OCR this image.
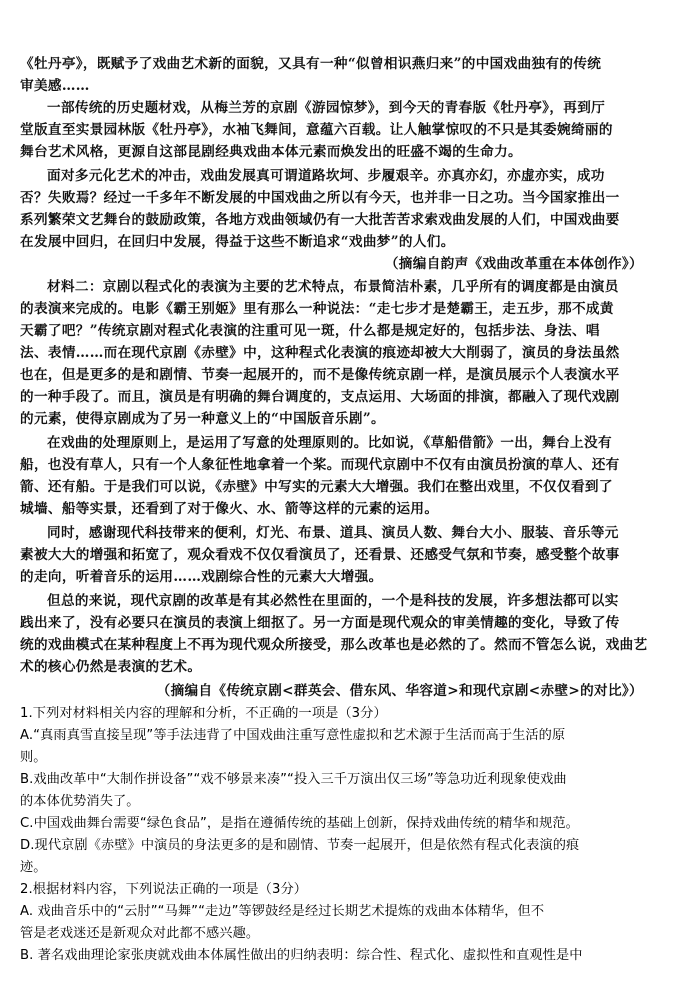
《牡丹亭》，既赋予了戏曲艺术新的面貌，又具有一种“似曾相识燕归来”的中国戏曲独有的传统
审美感……
一部传统的历史题材戏，从梅兰芳的京剧《游园惊梦》，到今天的青春版《牡丹亭》，再到厅
堂版直至实景园林版《牡丹亭》，水袖飞舞间，意蕴六百载。让人触掌惊叹的不只是其委婉绮丽的
舞台艺术风格，更源自这部昆剧经典戏曲本体元素而焕发出的旺盛不竭的生命力。
面对多元化艺术的冲击，戏曲发展真可谓道路坎坷、步履艰辛。亦真亦幻，亦虚亦实，成功
否？失败焉？经过一千多年不断发展的中国戏曲之所以有今天，也并非一日之功。当今国家推出一
系列繁荣文艺舞台的鼓励政策，各地方戏曲领域仍有一大批苦苦求索戏曲发展的人们，中国戏曲要
在发展中回归，在回归中发展，得益于这些不断追求“戏曲梦”的人们。
（摘编自韵声《戏曲改革重在本体创作》）
材料二：京剧以程式化的表演为主要的艺术特点，布景简洁朴素，几乎所有的调度都是由演员
的表演来完成的。电影《霸王别姬》里有那么一种说法：“走七步才是楚霸王，走五步，那不成黄
天霸了吧？”传统京剧对程式化表演的注重可见一斑，什么都是规定好的，包括步法、身法、唱
法、表情……而在现代京剧《赤壁》中，这种程式化表演的痕迹却被大大削弱了，演员的身法虽然
也在，但是更多的是和剧情、节奏一起展开的，而不是像传统京剧一样，是演员展示个人表演水平
的一种手段了。而且，演员是有明确的舞台调度的，支点运用、大场面的排演，都融入了现代戏剧
的元素，使得京剧成为了另一种意义上的“中国版音乐剧”。
在戏曲的处理原则上，是运用了写意的处理原则的。比如说，《草船借箭》一出，舞台上没有
船，也没有草人，只有一个人象征性地拿着一个桨。而现代京剧中不仅有由演员扮演的草人、还有
箭、还有船。于是我们可以说，《赤壁》中写实的元素大大增强。我们在整出戏里，不仅仅看到了
城墙、船等实景，还看到了对于像火、水、箭等这样的元素的运用。
同时，感谢现代科技带来的便利，灯光、布景、道具、演员人数、舞台大小、服装、音乐等元
素被大大的增强和拓宽了，观众看戏不仅仅看演员了，还看景、还感受气氛和节奏，感受整个故事
的走向，听着音乐的运用……戏剧综合性的元素大大增强。
但总的来说，现代京剧的改革是有其必然性在里面的，一个是科技的发展，许多想法都可以实
践出来了，没有必要只在演员的表演上细抠了。另一方面是现代观众的审美情趣的变化，导致了传
统的戏曲模式在某种程度上不再为现代观众所接受，那么改革也是必然的了。然而不管怎么说，戏曲艺
术的核心仍然是表演的艺术。
（摘编自《传统京剧<群英会、借东风、华容道>和现代京剧<赤壁>的对比》）
1.下列对材料相关内容的理解和分析，不正确的一项是（3分）
A.“真雨真雪直接呈现”等手法违背了中国戏曲注重写意性虚拟和艺术源于生活而高于生活的原
则。
B.戏曲改革中“大制作拼设备”“戏不够景来凑”“投入三千万演出仅三场”等急功近利现象使戏曲
的本体优势消失了。
C.中国戏曲舞台需要“绿色食品”，是指在遵循传统的基础上创新，保持戏曲传统的精华和规范。
D.现代京剧《赤壁》中演员的身法更多的是和剧情、节奏一起展开，但是依然有程式化表演的痕
迹。
2.根据材料内容，下列说法正确的一项是（3分）
A. 戏曲音乐中的“云肘”“马舞”“走边”等锣鼓经是经过长期艺术提炼的戏曲本体精华，但不
管是老戏迷还是新观众对此都不感兴趣。
B. 著名戏曲理论家张庚就戏曲本体属性做出的归纳表明：综合性、程式化、虚拟性和直观性是中
